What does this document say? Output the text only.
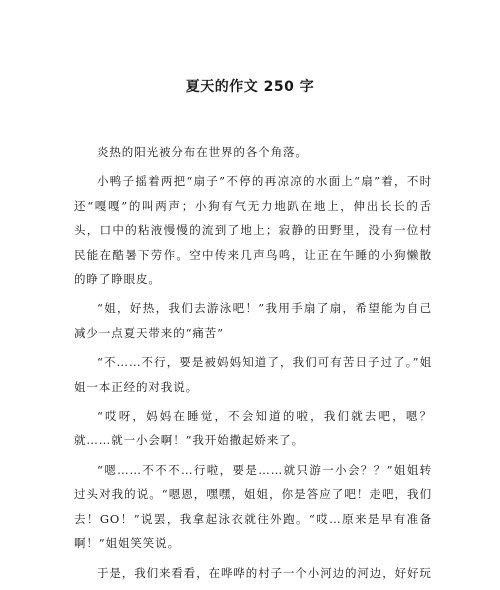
夏天的作文 250 字

炎热的阳光被分布在世界的各个角落。

小鸭子摇着两把“扇子”不停的再凉凉的水面上“扇”着，不时还“嘎嘎”的叫两声；小狗有气无力地趴在地上，伸出长长的舌头，口中的粘液慢慢的流到了地上；寂静的田野里，没有一位村民能在酷暑下劳作。空中传来几声鸟鸣，让正在午睡的小狗懒散的睁了睁眼皮。

“姐，好热，我们去游泳吧！”我用手扇了扇，希望能为自己减少一点夏天带来的“痛苦”

“不……不行，要是被妈妈知道了，我们可有苦日子过了。”姐姐一本正经的对我说。

“哎呀，妈妈在睡觉，不会知道的啦，我们就去吧，嗯？就……就一小会啊！”我开始撒起娇来了。

“嗯……不不不…行啦，要是……就只游一小会？？”姐姐转过头对我的说。“嗯恩，嘿嘿，姐姐，你是答应了吧！走吧，我们去！GO！”说罢，我拿起泳衣就往外跑。“哎…原来是早有准备啊！”姐姐笑笑说。

于是，我们来看看，在哗哗的村子一个小河边的河边，好好玩
